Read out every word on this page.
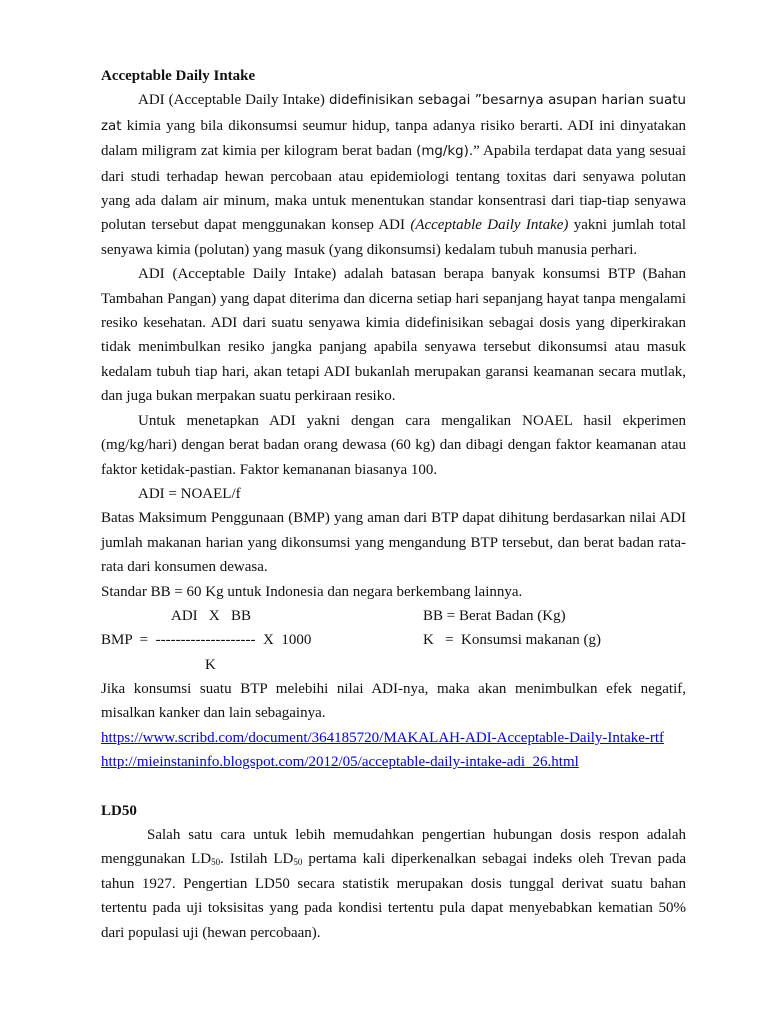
Acceptable Daily Intake

ADI (Acceptable Daily Intake) didefinisikan sebagai ”besarnya asupan harian suatu zat kimia yang bila dikonsumsi seumur hidup, tanpa adanya risiko berarti. ADI ini dinyatakan dalam miligram zat kimia per kilogram berat badan (mg/kg).” Apabila terdapat data yang sesuai dari studi terhadap hewan percobaan atau epidemiologi tentang toxitas dari senyawa polutan yang ada dalam air minum, maka untuk menentukan standar konsentrasi dari tiap-tiap senyawa polutan tersebut dapat menggunakan konsep ADI (Acceptable Daily Intake) yakni jumlah total senyawa kimia (polutan) yang masuk (yang dikonsumsi) kedalam tubuh manusia perhari.

ADI (Acceptable Daily Intake) adalah batasan berapa banyak konsumsi BTP (Bahan Tambahan Pangan) yang dapat diterima dan dicerna setiap hari sepanjang hayat tanpa mengalami resiko kesehatan. ADI dari suatu senyawa kimia didefinisikan sebagai dosis yang diperkirakan tidak menimbulkan resiko jangka panjang apabila senyawa tersebut dikonsumsi atau masuk kedalam tubuh tiap hari, akan tetapi ADI bukanlah merupakan garansi keamanan secara mutlak, dan juga bukan merpakan suatu perkiraan resiko.

Untuk menetapkan ADI yakni dengan cara mengalikan NOAEL hasil ekperimen (mg/kg/hari) dengan berat badan orang dewasa (60 kg) dan dibagi dengan faktor keamanan atau faktor ketidak-pastian. Faktor kemananan biasanya 100.

ADI = NOAEL/f

Batas Maksimum Penggunaan (BMP) yang aman dari BTP dapat dihitung berdasarkan nilai ADI jumlah makanan harian yang dikonsumsi yang mengandung BTP tersebut, dan berat badan rata-rata dari konsumen dewasa.

Standar BB = 60 Kg untuk Indonesia dan negara berkembang lainnya.
ADI   X   BB
BMP  =  --------------------  X  1000
K
BB = Berat Badan (Kg)
K   =  Konsumsi makanan (g)

Jika konsumsi suatu BTP melebihi nilai ADI-nya, maka akan menimbulkan efek negatif, misalkan kanker dan lain sebagainya.

https://www.scribd.com/document/364185720/MAKALAH-ADI-Acceptable-Daily-Intake-rtf
http://mieinstaninfo.blogspot.com/2012/05/acceptable-daily-intake-adi_26.html
LD50

Salah satu cara untuk lebih memudahkan pengertian hubungan dosis respon adalah menggunakan $LD_{50}$. Istilah $LD_{50}$ pertama kali diperkenalkan sebagai indeks oleh Trevan pada tahun 1927. Pengertian LD50 secara statistik merupakan dosis tunggal derivat suatu bahan tertentu pada uji toksisitas yang pada kondisi tertentu pula dapat menyebabkan kematian 50% dari populasi uji (hewan percobaan).
